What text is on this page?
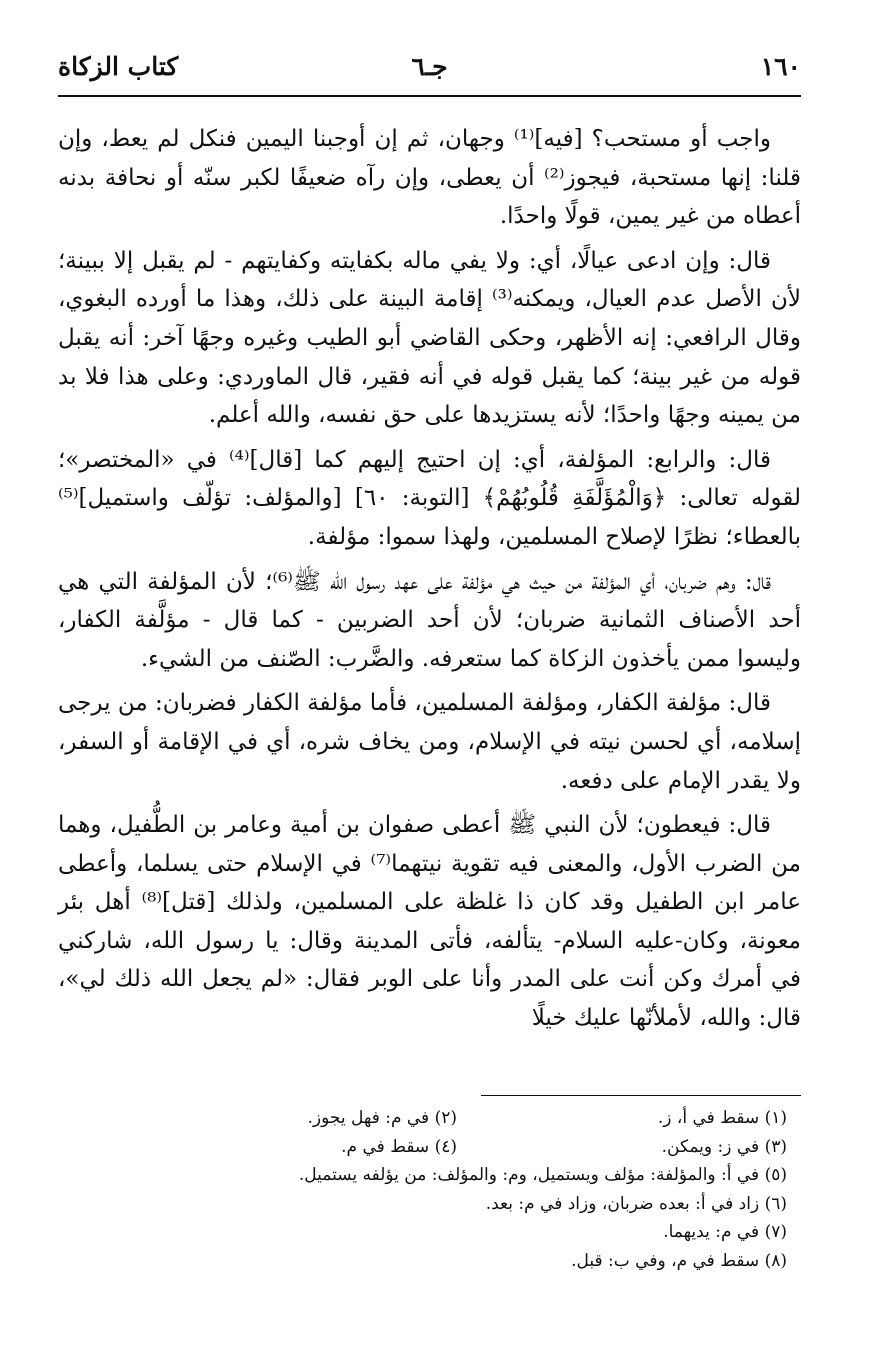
١٦٠
جـ٦
كتاب الزكاة

واجب أو مستحب؟ [فيه]⁽¹⁾ وجهان، ثم إن أوجبنا اليمين فنكل لم يعط، وإن قلنا: إنها مستحبة، فيجوز⁽²⁾ أن يعطى، وإن رآه ضعيفًا لكبر سنّه أو نحافة بدنه أعطاه من غير يمين، قولًا واحدًا.

قال: وإن ادعى عيالًا، أي: ولا يفي ماله بكفايته وكفايتهم - لم يقبل إلا ببينة؛ لأن الأصل عدم العيال، ويمكنه⁽³⁾ إقامة البينة على ذلك، وهذا ما أورده البغوي، وقال الرافعي: إنه الأظهر، وحكى القاضي أبو الطيب وغيره وجهًا آخر: أنه يقبل قوله من غير بينة؛ كما يقبل قوله في أنه فقير، قال الماوردي: وعلى هذا فلا بد من يمينه وجهًا واحدًا؛ لأنه يستزيدها على حق نفسه، والله أعلم.

قال: والرابع: المؤلفة، أي: إن احتيج إليهم كما [قال]⁽⁴⁾ في «المختصر»؛ لقوله تعالى: ﴿وَالْمُؤَلَّفَةِ قُلُوبُهُمْ﴾ [التوبة: ٦٠] [والمؤلف: تؤلّف واستميل]⁽⁵⁾ بالعطاء؛ نظرًا لإصلاح المسلمين، ولهذا سموا: مؤلفة.

قال: وهم ضربان، أي المؤلفة من حيث هي مؤلفة على عهد رسول الله ﷺ⁽⁶⁾؛ لأن المؤلفة التي هي أحد الأصناف الثمانية ضربان؛ لأن أحد الضربين - كما قال - مؤلَّفة الكفار، وليسوا ممن يأخذون الزكاة كما ستعرفه. والضَّرب: الصّنف من الشيء.

قال: مؤلفة الكفار، ومؤلفة المسلمين، فأما مؤلفة الكفار فضربان: من يرجى إسلامه، أي لحسن نيته في الإسلام، ومن يخاف شره، أي في الإقامة أو السفر، ولا يقدر الإمام على دفعه.

قال: فيعطون؛ لأن النبي ﷺ أعطى صفوان بن أمية وعامر بن الطُّفيل، وهما من الضرب الأول، والمعنى فيه تقوية نيتهما⁽⁷⁾ في الإسلام حتى يسلما، وأعطى عامر ابن الطفيل وقد كان ذا غلظة على المسلمين، ولذلك [قتل]⁽⁸⁾ أهل بئر معونة، وكان-عليه السلام- يتألفه، فأتى المدينة وقال: يا رسول الله، شاركني في أمرك وكن أنت على المدر وأنا على الوبر فقال: «لم يجعل الله ذلك لي»، قال: والله، لأملأنّها عليك خيلًا

(١) سقط في أ، ز.
(٢) في م: فهل يجوز.
(٣) في ز: ويمكن.
(٤) سقط في م.
(٥) في أ: والمؤلفة: مؤلف ويستميل، وم: والمؤلف: من يؤلفه يستميل.
(٦) زاد في أ: بعده ضربان، وزاد في م: بعد.
(٧) في م: يديهما.
(٨) سقط في م، وفي ب: قبل.
